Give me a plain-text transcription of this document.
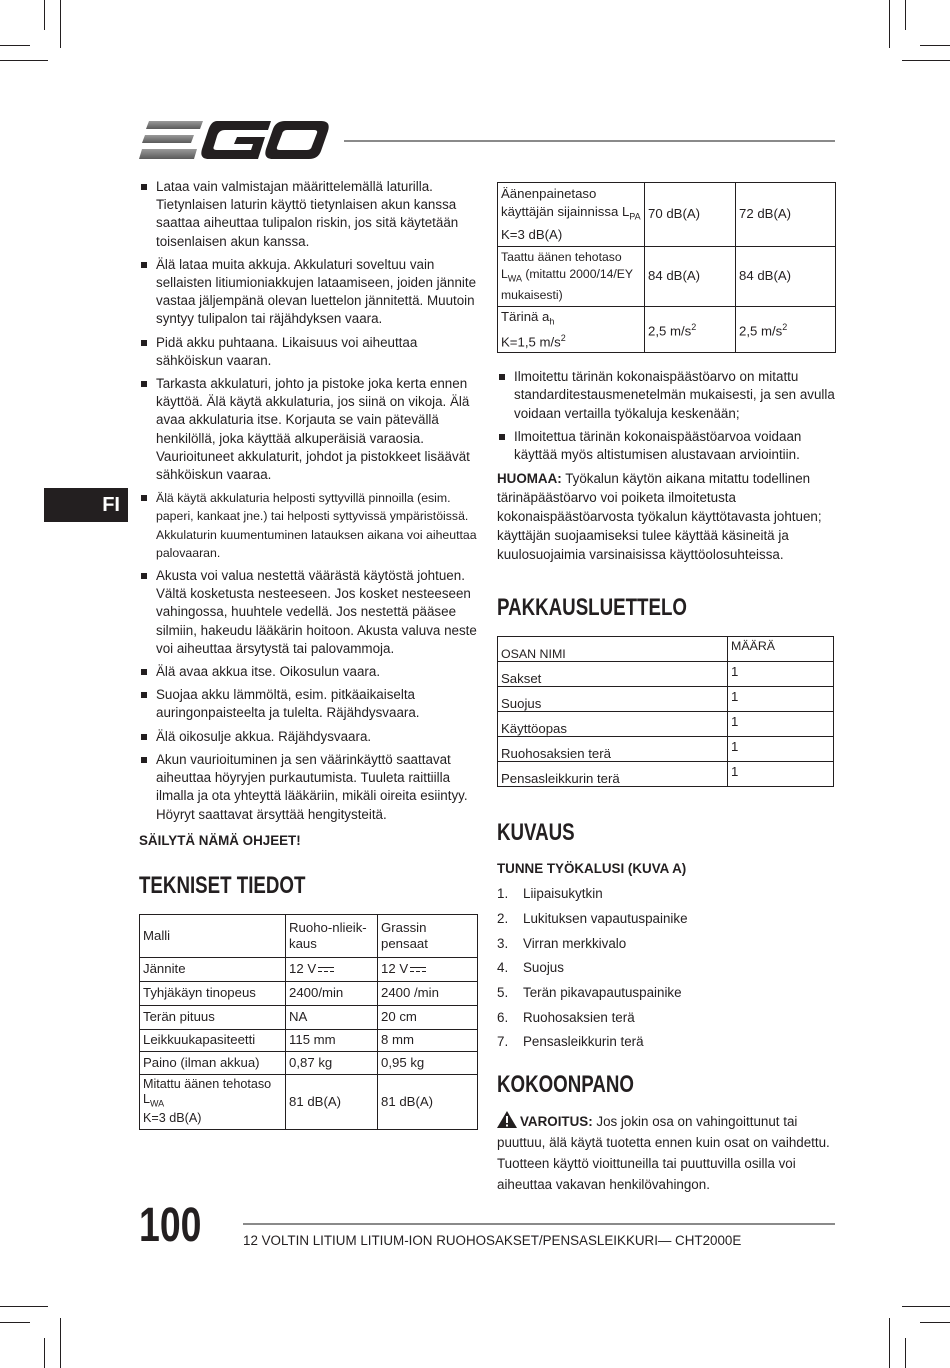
FI
Lataa vain valmistajan määrittelemällä laturilla. Tietynlaisen laturin käyttö tietynlaisen akun kanssa saattaa aiheuttaa tulipalon riskin, jos sitä käytetään toisenlaisen akun kanssa.
Älä lataa muita akkuja. Akkulaturi soveltuu vain sellaisten litiumioniakkujen lataamiseen, joiden jännite vastaa jäljempänä olevan luettelon jännitettä. Muutoin syntyy tulipalon tai räjähdyksen vaara.
Pidä akku puhtaana. Likaisuus voi aiheuttaa sähköiskun vaaran.
Tarkasta akkulaturi, johto ja pistoke joka kerta ennen käyttöä. Älä käytä akkulaturia, jos siinä on vikoja. Älä avaa akkulaturia itse. Korjauta se vain pätevällä henkilöllä, joka käyttää alkuperäisiä varaosia. Vaurioituneet akkulaturit, johdot ja pistokkeet lisäävät sähköiskun vaaraa.
Älä käytä akkulaturia helposti syttyvillä pinnoilla (esim. paperi, kankaat jne.) tai helposti syttyvissä ympäristöissä. Akkulaturin kuumentuminen latauksen aikana voi aiheuttaa palovaaran.
Akusta voi valua nestettä väärästä käytöstä johtuen. Vältä kosketusta nesteeseen. Jos kosket nesteeseen vahingossa, huuhtele vedellä. Jos nestettä pääsee silmiin, hakeudu lääkärin hoitoon. Akusta valuva neste voi aiheuttaa ärsytystä tai palovammoja.
Älä avaa akkua itse. Oikosulun vaara.
Suojaa akku lämmöltä, esim. pitkäaikaiselta auringonpaisteelta ja tulelta. Räjähdysvaara.
Älä oikosulje akkua. Räjähdysvaara.
Akun vaurioituminen ja sen väärinkäyttö saattavat aiheuttaa höyryjen purkautumista. Tuuleta raittiilla ilmalla ja ota yhteyttä lääkäriin, mikäli oireita esiintyy. Höyryt saattavat ärsyttää hengitysteitä.
SÄILYTÄ NÄMÄ OHJEET!
TEKNISET TIEDOT
Malli	Ruoho-nlieik-kaus	Grassin pensaat
Jännite	12 V	12 V
Tyhjäkäyn tinopeus	2400/min	2400 /min
Terän pituus	NA	20 cm
Leikkuukapasiteetti	115 mm	8 mm
Paino (ilman akkua)	0,87 kg	0,95 kg
Mitattu äänen tehotaso
$L_{WA}$
K=3 dB(A)	81 dB(A)	81 dB(A)
Äänenpainetaso
käyttäjän sijainnissa $L_{PA}$
K=3 dB(A)	70 dB(A)	72 dB(A)
Taattu äänen tehotaso
$L_{WA}$ (mitattu 2000/14/EY
mukaisesti)	84 dB(A)	84 dB(A)
Tärinä $a_h$
K=1,5 $m/s^2$	2,5 $m/s^2$	2,5 $m/s^2$
Ilmoitettu tärinän kokonaispäästöarvo on mitattu standarditestausmenetelmän mukaisesti, ja sen avulla voidaan vertailla työkaluja keskenään;
Ilmoitettua tärinän kokonaispäästöarvoa voidaan käyttää myös altistumisen alustavaan arviointiin.
HUOMAA: Työkalun käytön aikana mitattu todellinen tärinäpäästöarvo voi poiketa ilmoitetusta kokonaispäästöarvosta työkalun käyttötavasta johtuen; käyttäjän suojaamiseksi tulee käyttää käsineitä ja kuulosuojaimia varsinaisissa käyttöolosuhteissa.
PAKKAUSLUETTELO
OSAN NIMI	MÄÄRÄ
Sakset	1
Suojus	1
Käyttöopas	1
Ruohosaksien terä	1
Pensasleikkurin terä	1
KUVAUS
TUNNE TYÖKALUSI (KUVA A)
1. Liipaisukytkin
2. Lukituksen vapautuspainike
3. Virran merkkivalo
4. Suojus
5. Terän pikavapautuspainike
6. Ruohosaksien terä
7. Pensasleikkurin terä
KOKOONPANO
VAROITUS: Jos jokin osa on vahingoittunut tai puuttuu, älä käytä tuotetta ennen kuin osat on vaihdettu. Tuotteen käyttö vioittuneilla tai puuttuvilla osilla voi aiheuttaa vakavan henkilövahingon.
100	12 VOLTIN LITIUM LITIUM-ION RUOHOSAKSET/PENSASLEIKKURI— CHT2000E
